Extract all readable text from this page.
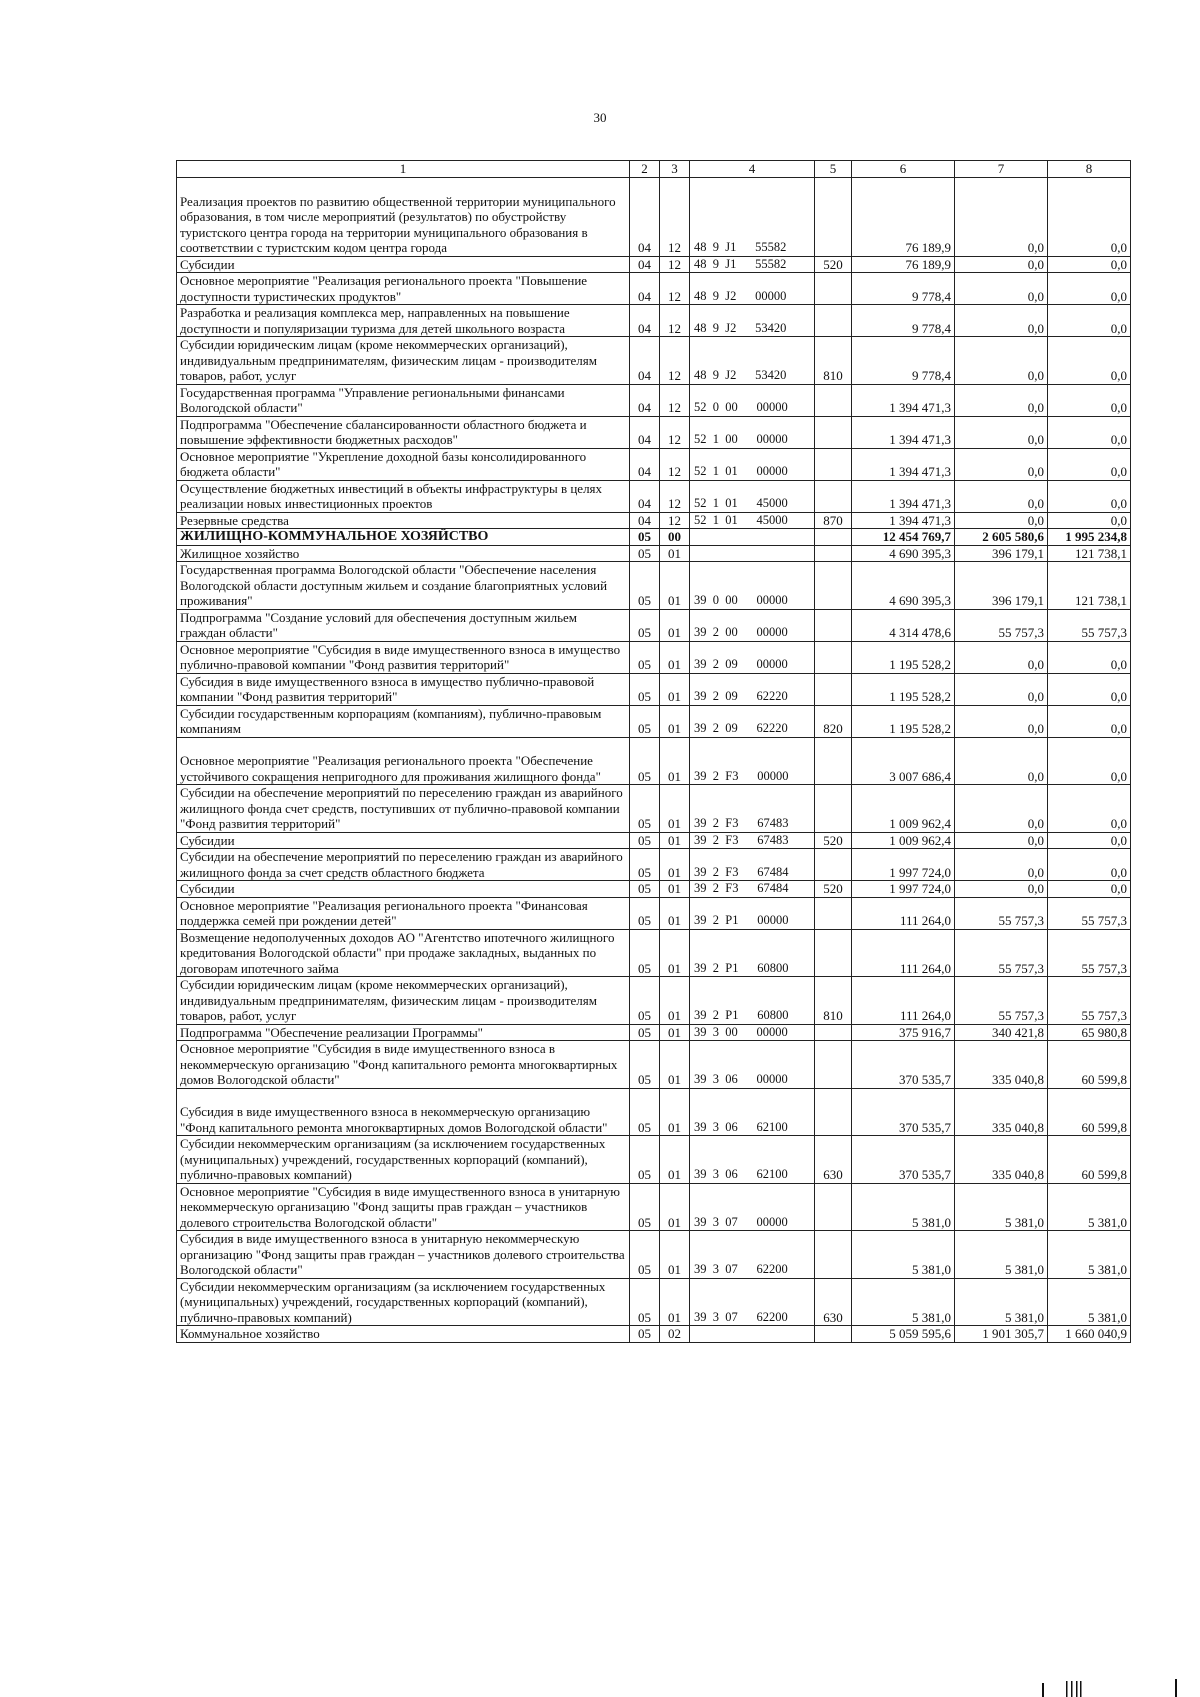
30
1	2	3	4	5	6	7	8
Реализация проектов по развитию общественной территории муниципального образования, в том числе мероприятий (результатов) по обустройству туристского центра города на территории муниципального образования в соответствии с туристским кодом центра города	04	12	48  9  J1      55582		76 189,9	0,0	0,0
Субсидии	04	12	48  9  J1      55582	520	76 189,9	0,0	0,0
Основное мероприятие "Реализация регионального проекта "Повышение доступности туристических продуктов"	04	12	48  9  J2      00000		9 778,4	0,0	0,0
Разработка и реализация комплекса мер, направленных на повышение доступности и популяризации туризма для детей школьного возраста	04	12	48  9  J2      53420		9 778,4	0,0	0,0
Субсидии юридическим лицам (кроме некоммерческих организаций), индивидуальным предпринимателям, физическим лицам - производителям товаров, работ, услуг	04	12	48  9  J2      53420	810	9 778,4	0,0	0,0
Государственная программа "Управление региональными финансами Вологодской области"	04	12	52  0  00      00000		1 394 471,3	0,0	0,0
Подпрограмма "Обеспечение сбалансированности областного бюджета и повышение эффективности бюджетных расходов"	04	12	52  1  00      00000		1 394 471,3	0,0	0,0
Основное мероприятие "Укрепление доходной базы консолидированного бюджета области"	04	12	52  1  01      00000		1 394 471,3	0,0	0,0
Осуществление бюджетных инвестиций в объекты инфраструктуры в целях реализации новых инвестиционных проектов	04	12	52  1  01      45000		1 394 471,3	0,0	0,0
Резервные средства	04	12	52  1  01      45000	870	1 394 471,3	0,0	0,0
ЖИЛИЩНО-КОММУНАЛЬНОЕ ХОЗЯЙСТВО	05	00			12 454 769,7	2 605 580,6	1 995 234,8
Жилищное хозяйство	05	01			4 690 395,3	396 179,1	121 738,1
Государственная программа Вологодской области "Обеспечение населения Вологодской области доступным жильем и создание благоприятных условий проживания"	05	01	39  0  00      00000		4 690 395,3	396 179,1	121 738,1
Подпрограмма "Создание условий для обеспечения доступным жильем граждан области"	05	01	39  2  00      00000		4 314 478,6	55 757,3	55 757,3
Основное мероприятие "Субсидия в виде имущественного взноса в имущество публично-правовой компании "Фонд развития территорий"	05	01	39  2  09      00000		1 195 528,2	0,0	0,0
Субсидия в виде имущественного взноса в имущество публично-правовой компании "Фонд развития территорий"	05	01	39  2  09      62220		1 195 528,2	0,0	0,0
Субсидии государственным корпорациям (компаниям), публично-правовым компаниям	05	01	39  2  09      62220	820	1 195 528,2	0,0	0,0
Основное мероприятие "Реализация регионального проекта "Обеспечение устойчивого сокращения непригодного для проживания жилищного фонда"	05	01	39  2  F3      00000		3 007 686,4	0,0	0,0
Субсидии на обеспечение мероприятий по переселению граждан из аварийного жилищного фонда счет средств, поступивших от публично-правовой компании "Фонд развития территорий"	05	01	39  2  F3      67483		1 009 962,4	0,0	0,0
Субсидии	05	01	39  2  F3      67483	520	1 009 962,4	0,0	0,0
Субсидии на обеспечение мероприятий по переселению граждан из аварийного жилищного фонда за счет средств областного бюджета	05	01	39  2  F3      67484		1 997 724,0	0,0	0,0
Субсидии	05	01	39  2  F3      67484	520	1 997 724,0	0,0	0,0
Основное мероприятие "Реализация регионального проекта "Финансовая поддержка семей при рождении детей"	05	01	39  2  P1      00000		111 264,0	55 757,3	55 757,3
Возмещение недополученных доходов АО "Агентство ипотечного жилищного кредитования Вологодской области" при продаже закладных, выданных по договорам ипотечного займа	05	01	39  2  P1      60800		111 264,0	55 757,3	55 757,3
Субсидии юридическим лицам (кроме некоммерческих организаций), индивидуальным предпринимателям, физическим лицам - производителям товаров, работ, услуг	05	01	39  2  P1      60800	810	111 264,0	55 757,3	55 757,3
Подпрограмма "Обеспечение реализации Программы"	05	01	39  3  00      00000		375 916,7	340 421,8	65 980,8
Основное мероприятие "Субсидия в виде имущественного взноса в некоммерческую организацию "Фонд капитального ремонта многоквартирных домов Вологодской области"	05	01	39  3  06      00000		370 535,7	335 040,8	60 599,8
Субсидия в виде имущественного взноса в некоммерческую организацию "Фонд капитального ремонта многоквартирных домов Вологодской области"	05	01	39  3  06      62100		370 535,7	335 040,8	60 599,8
Субсидии некоммерческим организациям (за исключением государственных (муниципальных) учреждений, государственных корпораций (компаний), публично-правовых компаний)	05	01	39  3  06      62100	630	370 535,7	335 040,8	60 599,8
Основное мероприятие "Субсидия в виде имущественного взноса в унитарную некоммерческую организацию "Фонд защиты прав граждан – участников долевого строительства Вологодской области"	05	01	39  3  07      00000		5 381,0	5 381,0	5 381,0
Субсидия в виде имущественного взноса в унитарную некоммерческую организацию "Фонд защиты прав граждан – участников долевого строительства Вологодской области"	05	01	39  3  07      62200		5 381,0	5 381,0	5 381,0
Субсидии некоммерческим организациям (за исключением государственных (муниципальных) учреждений, государственных корпораций (компаний), публично-правовых компаний)	05	01	39  3  07      62200	630	5 381,0	5 381,0	5 381,0
Коммунальное хозяйство	05	02			5 059 595,6	1 901 305,7	1 660 040,9
